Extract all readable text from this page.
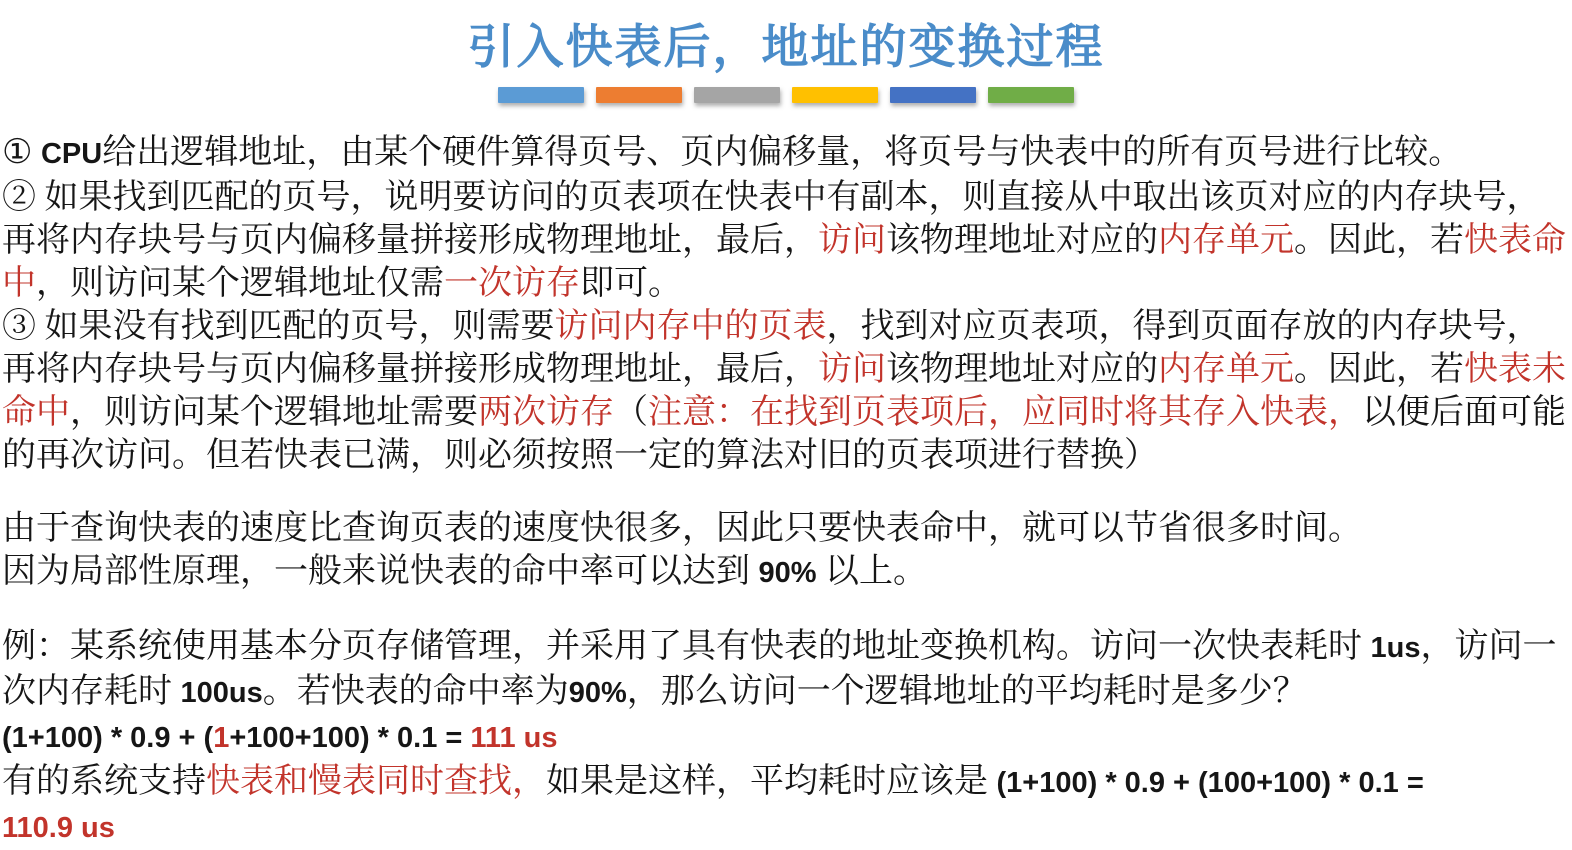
引入快表后，地址的变换过程

① CPU给出逻辑地址，由某个硬件算得页号、页内偏移量，将页号与快表中的所有页号进行比较。

② 如果找到匹配的页号，说明要访问的页表项在快表中有副本，则直接从中取出该页对应的内存块号，再将内存块号与页内偏移量拼接形成物理地址，最后，访问该物理地址对应的内存单元。因此，若快表命中，则访问某个逻辑地址仅需一次访存即可。

③ 如果没有找到匹配的页号，则需要访问内存中的页表，找到对应页表项，得到页面存放的内存块号，再将内存块号与页内偏移量拼接形成物理地址，最后，访问该物理地址对应的内存单元。因此，若快表未命中，则访问某个逻辑地址需要两次访存（注意：在找到页表项后，应同时将其存入快表，以便后面可能的再次访问。但若快表已满，则必须按照一定的算法对旧的页表项进行替换）

由于查询快表的速度比查询页表的速度快很多，因此只要快表命中，就可以节省很多时间。

因为局部性原理，一般来说快表的命中率可以达到 90% 以上。

例：某系统使用基本分页存储管理，并采用了具有快表的地址变换机构。访问一次快表耗时 1us，访问一次内存耗时 100us。若快表的命中率为90%，那么访问一个逻辑地址的平均耗时是多少？

(1+100) * 0.9 + (1+100+100) * 0.1 = 111 us

有的系统支持快表和慢表同时查找，如果是这样，平均耗时应该是 (1+100) * 0.9 + (100+100) * 0.1 =

110.9 us
